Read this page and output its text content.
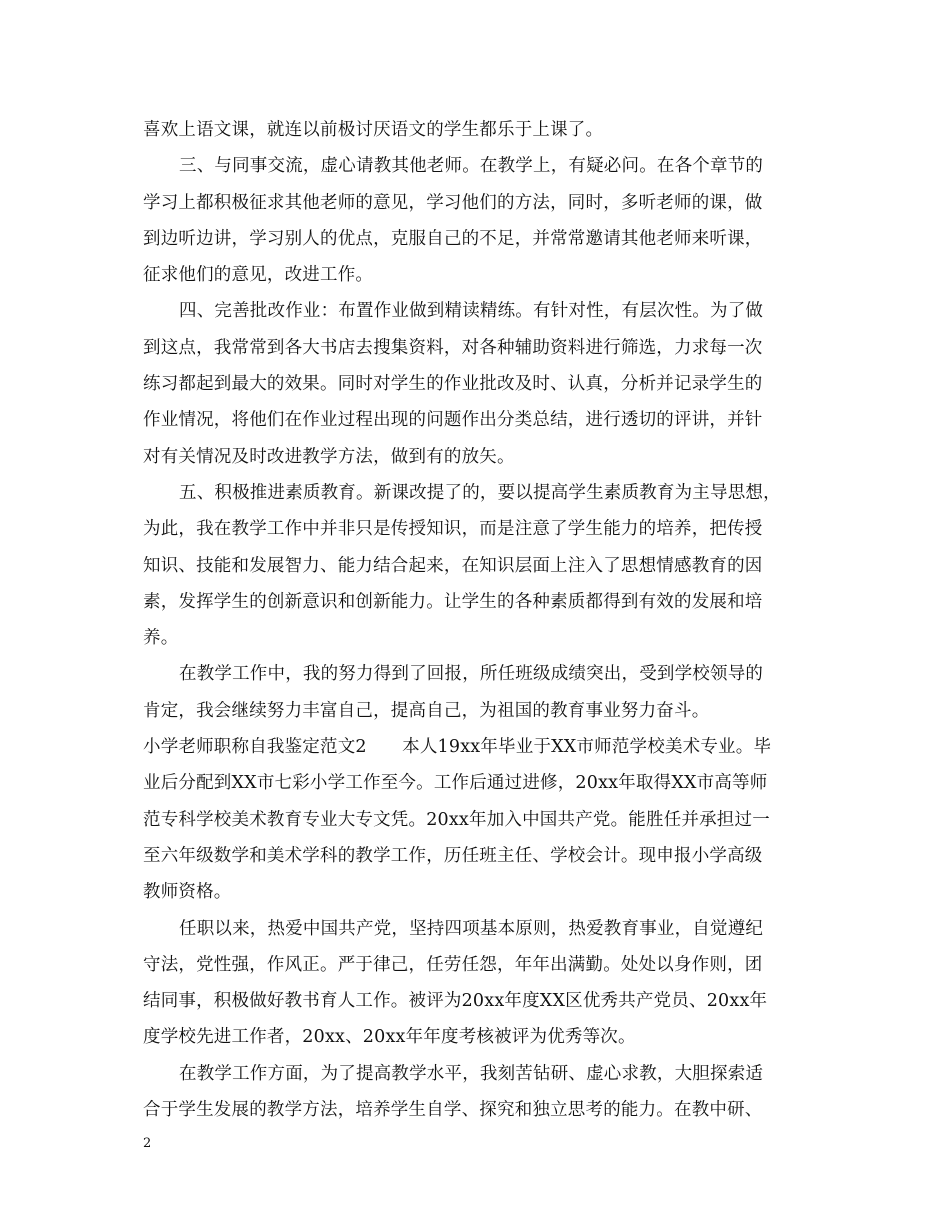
喜欢上语文课，就连以前极讨厌语文的学生都乐于上课了。
三、与同事交流，虚心请教其他老师。在教学上，有疑必问。在各个章节的
学习上都积极征求其他老师的意见，学习他们的方法，同时，多听老师的课，做
到边听边讲，学习别人的优点，克服自己的不足，并常常邀请其他老师来听课，
征求他们的意见，改进工作。
四、完善批改作业：布置作业做到精读精练。有针对性，有层次性。为了做
到这点，我常常到各大书店去搜集资料，对各种辅助资料进行筛选，力求每一次
练习都起到最大的效果。同时对学生的作业批改及时、认真，分析并记录学生的
作业情况，将他们在作业过程出现的问题作出分类总结，进行透切的评讲，并针
对有关情况及时改进教学方法，做到有的放矢。
五、积极推进素质教育。新课改提了的，要以提高学生素质教育为主导思想，
为此，我在教学工作中并非只是传授知识，而是注意了学生能力的培养，把传授
知识、技能和发展智力、能力结合起来，在知识层面上注入了思想情感教育的因
素，发挥学生的创新意识和创新能力。让学生的各种素质都得到有效的发展和培
养。
在教学工作中，我的努力得到了回报，所任班级成绩突出，受到学校领导的
肯定，我会继续努力丰富自己，提高自己，为祖国的教育事业努力奋斗。
小学老师职称自我鉴定范文2　　本人19xx年毕业于XX市师范学校美术专业。毕
业后分配到XX市七彩小学工作至今。工作后通过进修，20xx年取得XX市高等师
范专科学校美术教育专业大专文凭。20xx年加入中国共产党。能胜任并承担过一
至六年级数学和美术学科的教学工作，历任班主任、学校会计。现申报小学高级
教师资格。
任职以来，热爱中国共产党，坚持四项基本原则，热爱教育事业，自觉遵纪
守法，党性强，作风正。严于律己，任劳任怨，年年出满勤。处处以身作则，团
结同事，积极做好教书育人工作。被评为20xx年度XX区优秀共产党员、20xx年
度学校先进工作者，20xx、20xx年年度考核被评为优秀等次。
在教学工作方面，为了提高教学水平，我刻苦钻研、虚心求教，大胆探索适
合于学生发展的教学方法，培养学生自学、探究和独立思考的能力。在教中研、
2
